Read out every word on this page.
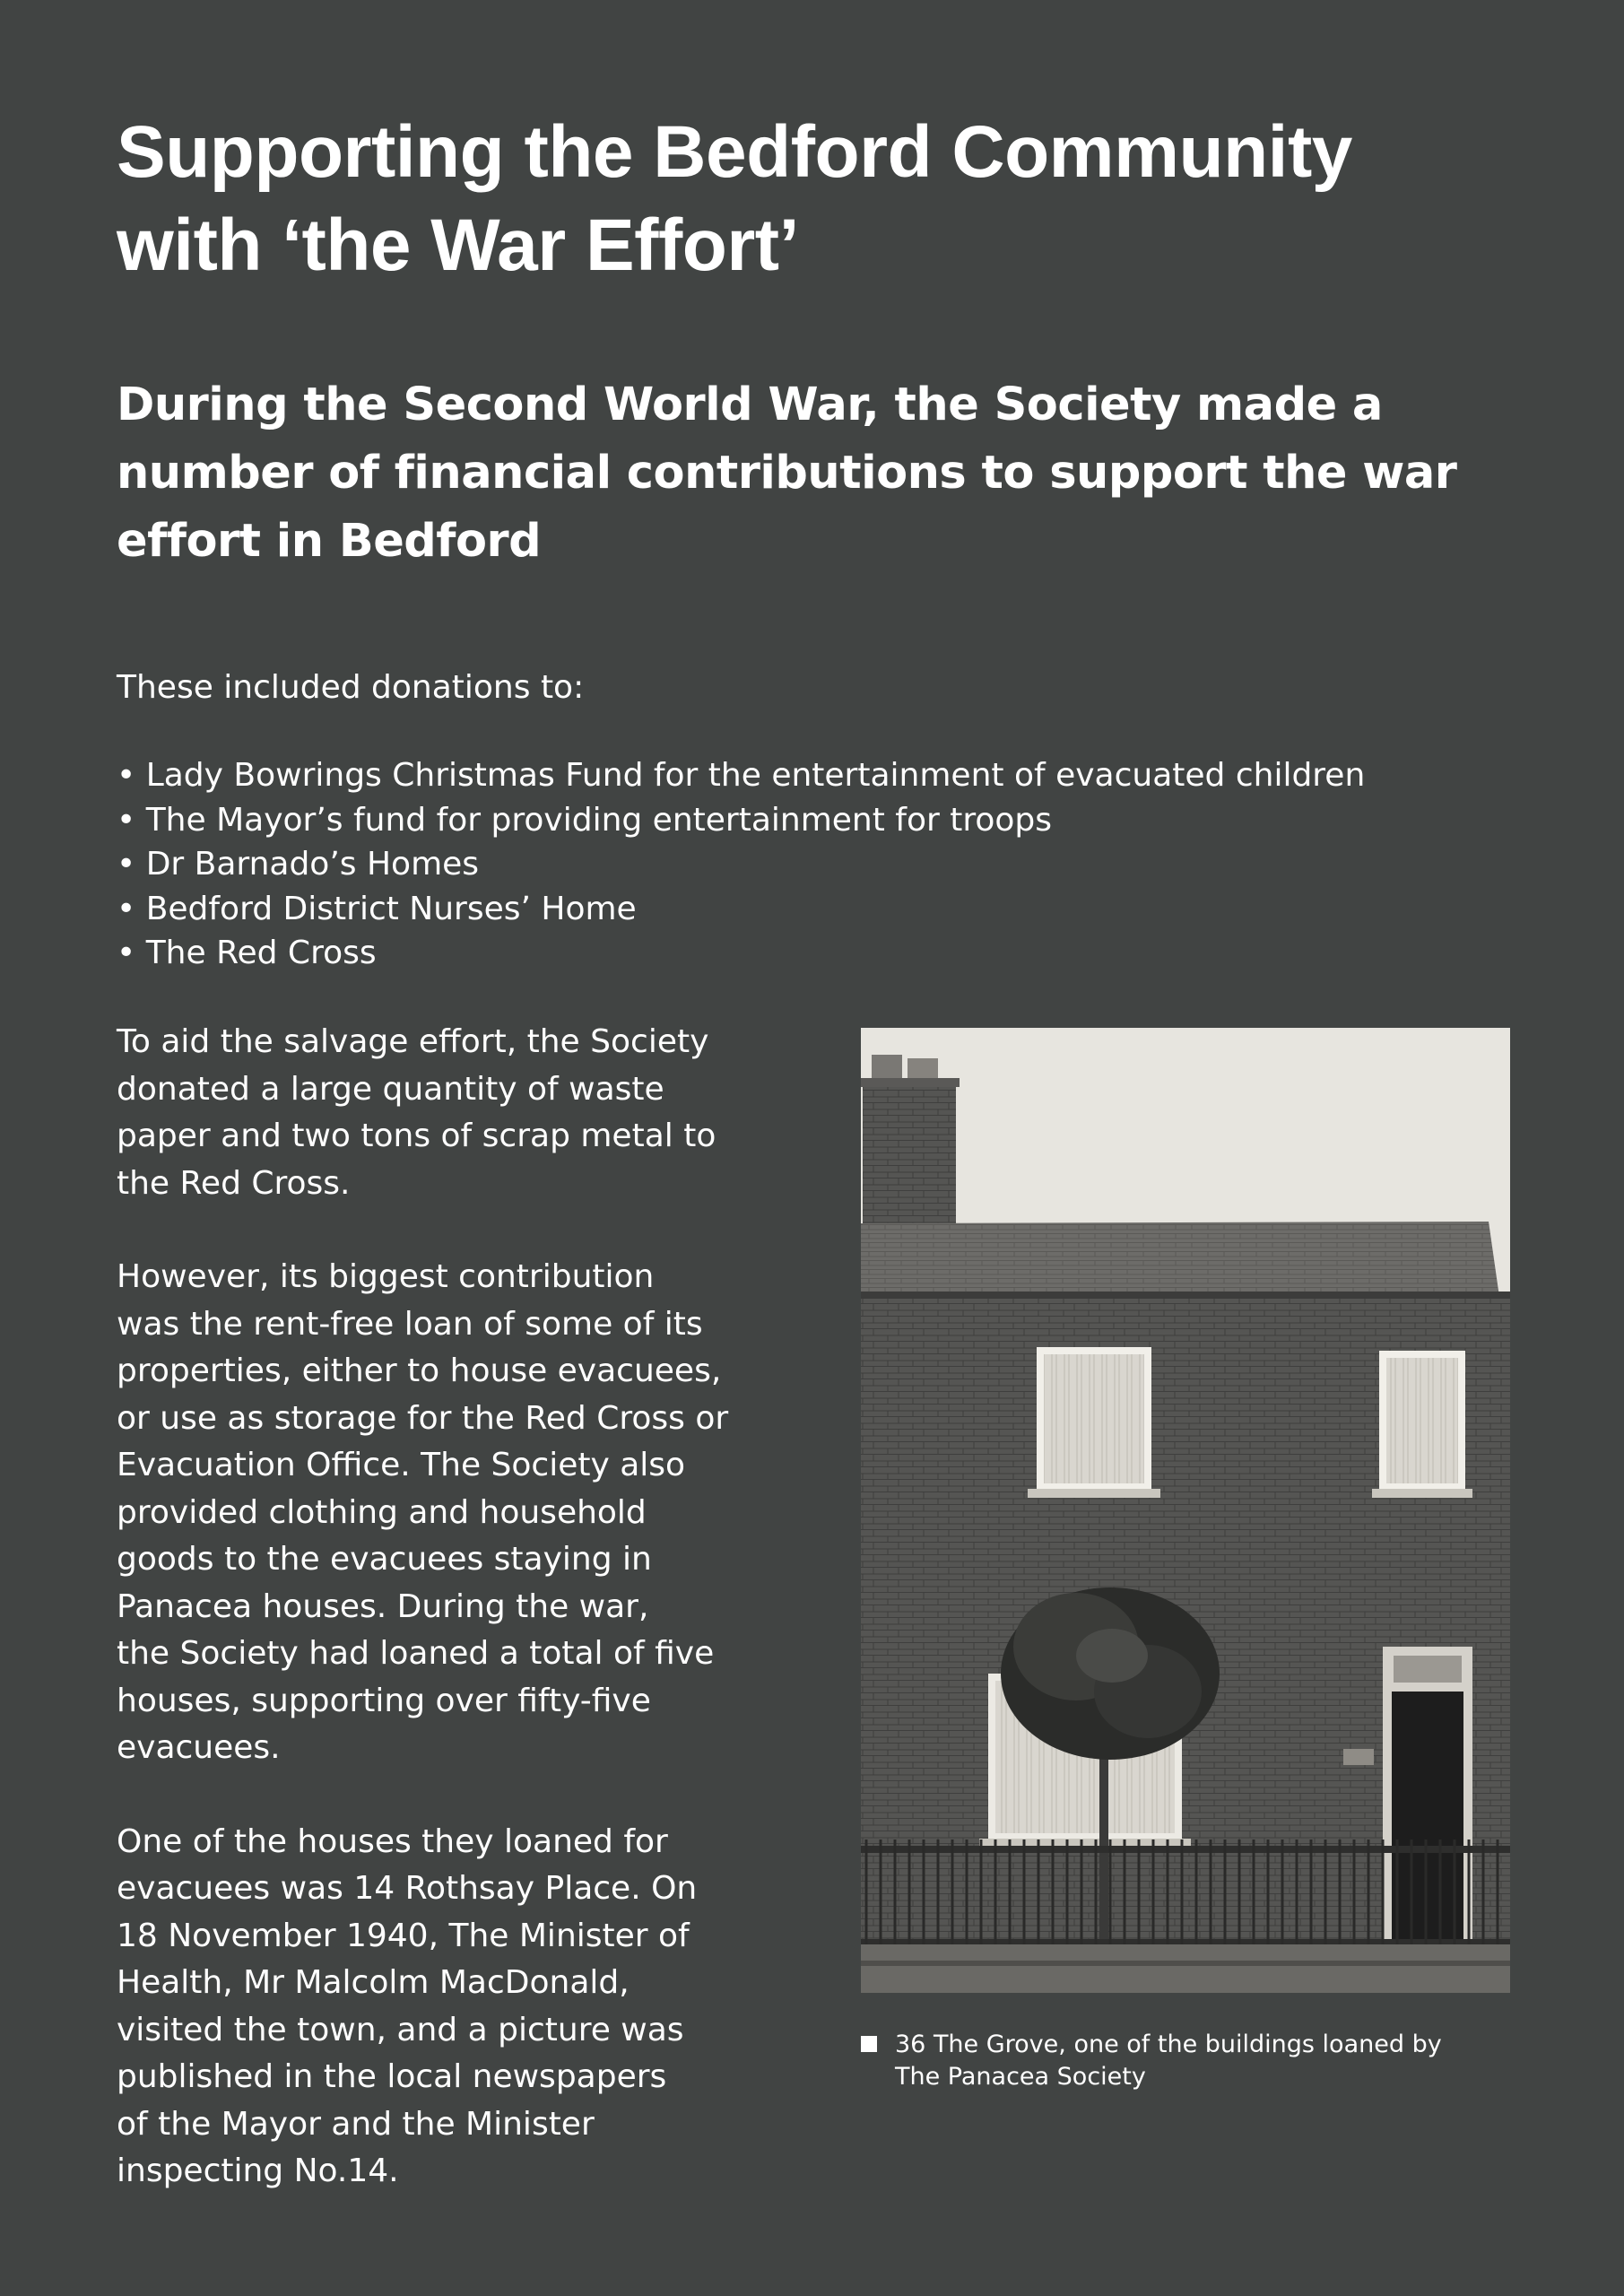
Supporting the Bedford Community
with ‘the War Effort’
During the Second World War, the Society made a
number of financial contributions to support the war
effort in Bedford

These included donations to:

• Lady Bowrings Christmas Fund for the entertainment of evacuated children
• The Mayor’s fund for providing entertainment for troops
• Dr Barnado’s Homes
• Bedford District Nurses’ Home
• The Red Cross

To aid the salvage effort, the Society
donated a large quantity of waste
paper and two tons of scrap metal to
the Red Cross.

However, its biggest contribution
was the rent-free loan of some of its
properties, either to house evacuees,
or use as storage for the Red Cross or
Evacuation Office. The Society also
provided clothing and household
goods to the evacuees staying in
Panacea houses. During the war,
the Society had loaned a total of five
houses, supporting over fifty-five
evacuees.

One of the houses they loaned for
evacuees was 14 Rothsay Place. On
18 November 1940, The Minister of
Health, Mr Malcolm MacDonald,
visited the town, and a picture was
published in the local newspapers
of the Mayor and the Minister
inspecting No.14.

36 The Grove, one of the buildings loaned by
The Panacea Society
